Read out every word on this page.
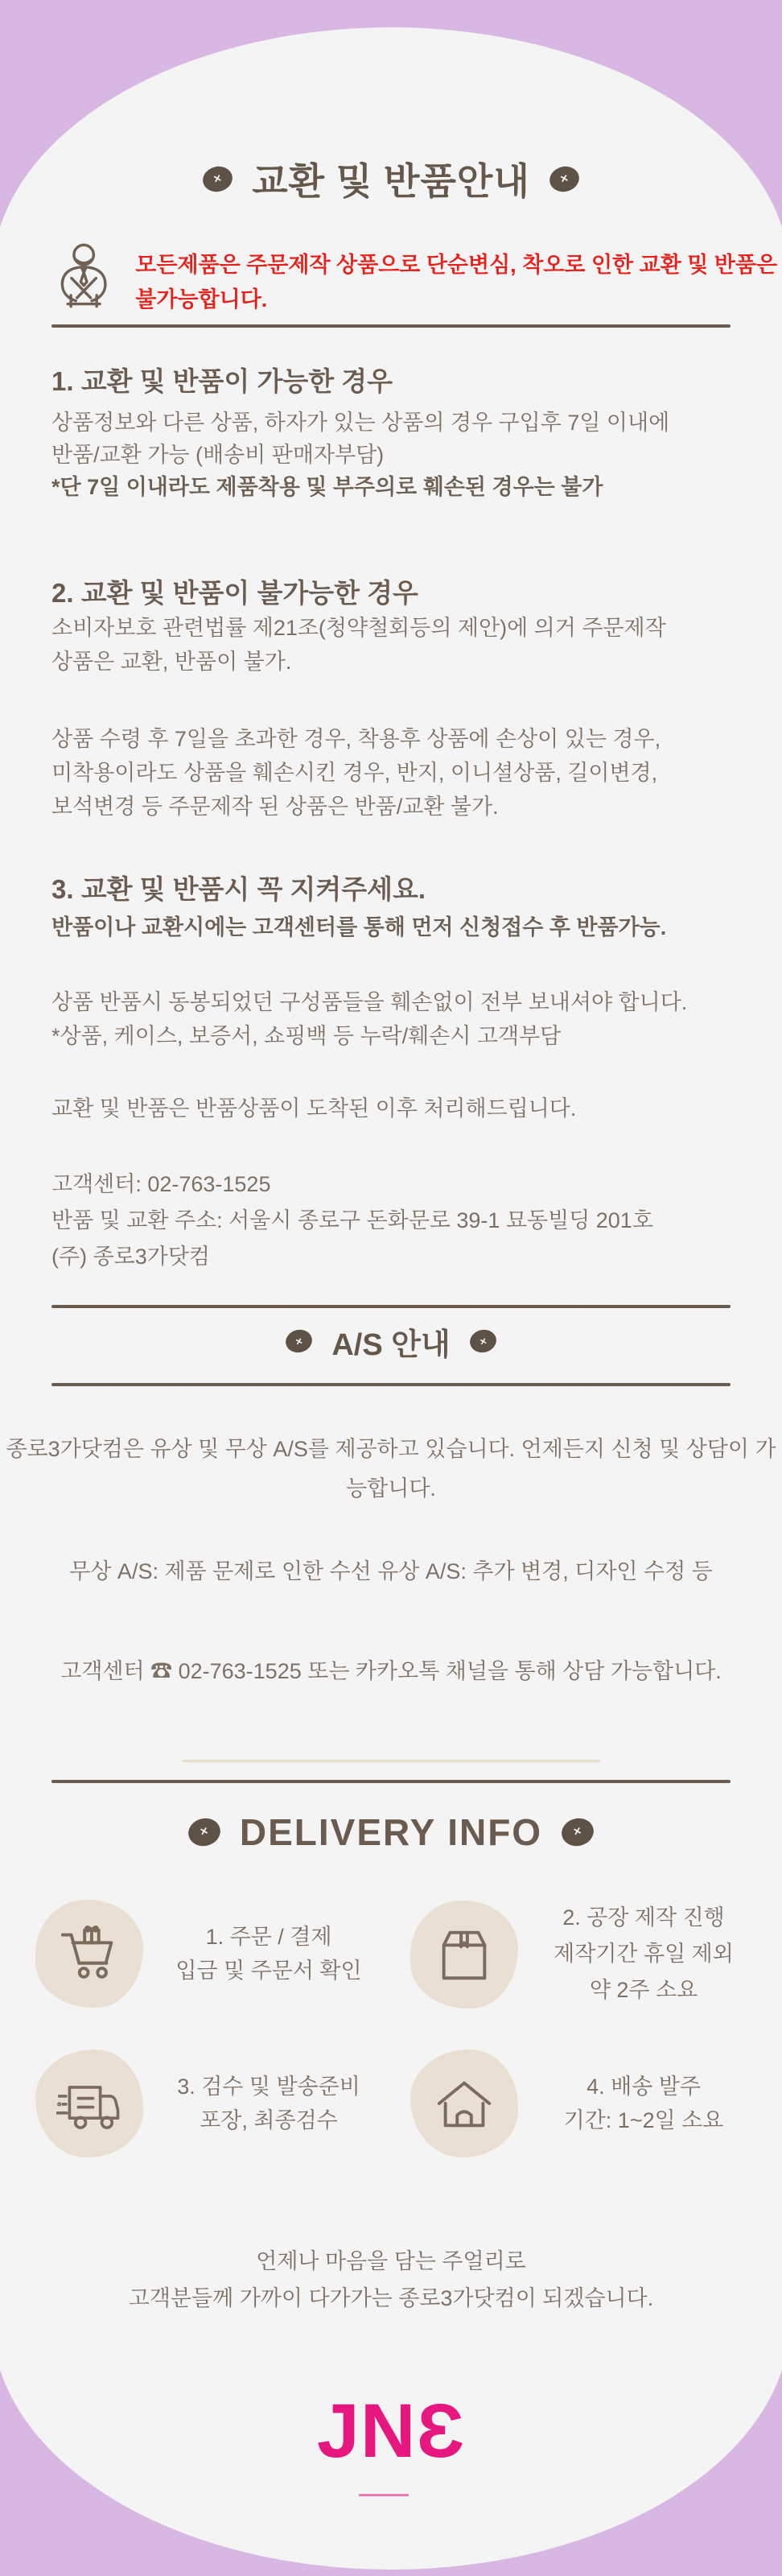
× 교환 및 반품안내	×
모든제품은 주문제작 상품으로 단순변심, 착오로 인한 교환 및 반품은 불가능합니다.
1. 교환 및 반품이 가능한 경우
상품정보와 다른 상품, 하자가 있는 상품의 경우 구입후 7일 이내에
반품/교환 가능 (배송비 판매자부담)
*단 7일 이내라도 제품착용 및 부주의로 훼손된 경우는 불가
2. 교환 및 반품이 불가능한 경우
소비자보호 관련법률 제21조(청약철회등의 제안)에 의거 주문제작
상품은 교환, 반품이 불가.
상품 수령 후 7일을 초과한 경우, 착용후 상품에 손상이 있는 경우,
미착용이라도 상품을 훼손시킨 경우, 반지, 이니셜상품, 길이변경,
보석변경 등 주문제작 된 상품은 반품/교환 불가.
3. 교환 및 반품시 꼭 지켜주세요.
반품이나 교환시에는 고객센터를 통해 먼저 신청접수 후 반품가능.
상품 반품시 동봉되었던 구성품들을 훼손없이 전부 보내셔야 합니다.
*상품, 케이스, 보증서, 쇼핑백 등 누락/훼손시 고객부담
교환 및 반품은 반품상품이 도착된 이후 처리해드립니다.
고객센터: 02-763-1525
반품 및 교환 주소: 서울시 종로구 돈화문로 39-1 묘동빌딩 201호
(주) 종로3가닷컴
× A/S 안내	×
종로3가닷컴은 유상 및 무상 A/S를 제공하고 있습니다. 언제든지 신청 및 상담이 가능합니다.
무상 A/S: 제품 문제로 인한 수선 유상 A/S: 추가 변경, 디자인 수정 등
고객센터 ☎ 02-763-1525 또는 카카오톡 채널을 통해 상담 가능합니다.
× DELIVERY INFO	×
1. 주문 / 결제
입금 및 주문서 확인
2. 공장 제작 진행
제작기간 휴일 제외
약 2주 소요
3. 검수 및 발송준비
포장, 최종검수
4. 배송 발주
기간: 1~2일 소요
언제나 마음을 담는 주얼리로
고객분들께 가까이 다가가는 종로3가닷컴이 되겠습니다.
JNƐ
